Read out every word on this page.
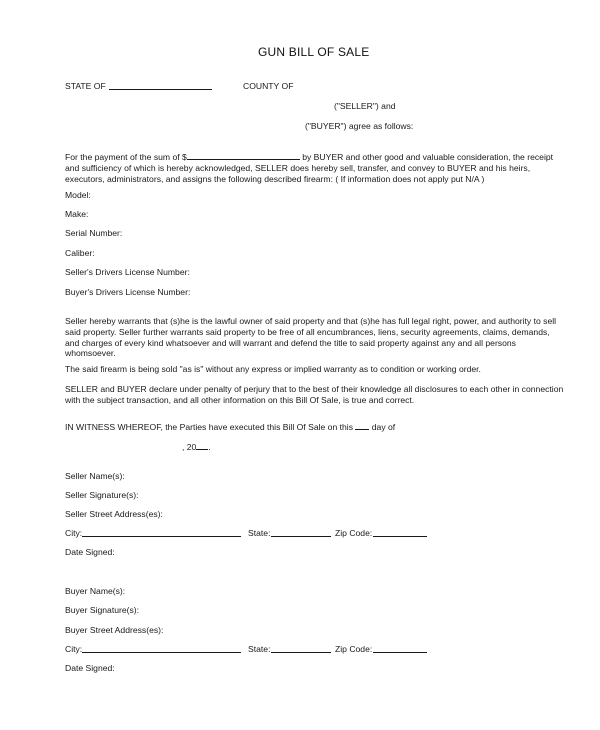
GUN BILL OF SALE
STATE OF	COUNTY OF
("SELLER") and
("BUYER") agree as follows:
For the payment of the sum of $	by BUYER and other good and valuable consideration, the receipt and sufficiency of which is hereby acknowledged, SELLER does hereby sell, transfer, and convey to BUYER and his heirs, executors, administrators, and assigns the following described firearm: ( If information does not apply put N/A )
Model:
Make:
Serial Number:
Caliber:
Seller's Drivers License Number:
Buyer's Drivers License Number:
Seller hereby warrants that (s)he is the lawful owner of said property and that (s)he has full legal right, power, and authority to sell said property. Seller further warrants said property to be free of all encumbrances, liens, security agreements, claims, demands, and charges of every kind whatsoever and will warrant and defend the title to said property against any and all persons whomsoever.
The said firearm is being sold "as is" without any express or implied warranty as to condition or working order.
SELLER and BUYER declare under penalty of perjury that to the best of their knowledge all disclosures to each other in connection with the subject transaction, and all other information on this Bill Of Sale, is true and correct.
IN WITNESS WHEREOF, the Parties have executed this Bill Of Sale on this day of
, 20 .
Seller Name(s):
Seller Signature(s):
Seller Street Address(es):
City:	State:	Zip Code:
Date Signed:
Buyer Name(s):
Buyer Signature(s):
Buyer Street Address(es):
City:	State:	Zip Code:
Date Signed:
